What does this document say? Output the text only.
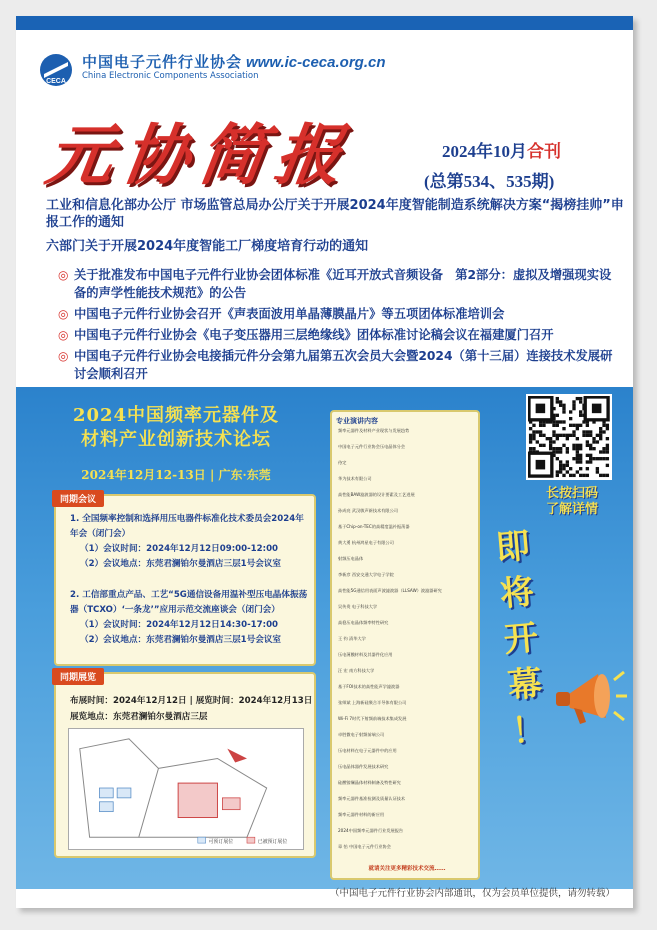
CECA
中国电子元件行业协会
China Electronic Components Association
www.ic-ceca.org.cn
元协简报	2024年10月合刊
(总第534、535期)
工业和信息化部办公厅 市场监管总局办公厅关于开展2024年度智能制造系统解决方案“揭榜挂帅”申报工作的通知
六部门关于开展2024年度智能工厂梯度培育行动的通知
◎ 关于批准发布中国电子元件行业协会团体标准《近耳开放式音频设备　第2部分：虚拟及增强现实设备的声学性能技术规范》的公告
◎ 中国电子元件行业协会召开《声表面波用单晶薄膜晶片》等五项团体标准培训会
◎ 中国电子元件行业协会《电子变压器用三层绝缘线》团体标准讨论稿会议在福建厦门召开
◎ 中国电子元件行业协会电接插元件分会第九届第五次会员大会暨2024（第十三届）连接技术发展研讨会顺利召开
2024中国频率元器件及
材料产业创新技术论坛
2024年12月12-13日 | 广东·东莞
同期会议
1. 全国频率控制和选择用压电器件标准化技术委员会2024年年会（闭门会）
（1）会议时间：2024年12月12日09:00-12:00
（2）会议地点：东莞君澜铂尔曼酒店三层1号会议室
2. 工信部重点产品、工艺“5G通信设备用温补型压电晶体振荡器（TCXO）‘一条龙’”应用示范交流座谈会（闭门会）
（1）会议时间：2024年12月12日14:30-17:00
（2）会议地点：东莞君澜铂尔曼酒店三层1号会议室
同期展览
布展时间：2024年12月12日 | 展览时间：2024年12月13日
展览地点：东莞君澜铂尔曼酒店三层
可预订展位	已被预订展位
专业演讲内容
频率元器件及材料产业现状与发展趋势
中国电子元件行业协会压电晶体分会
待定
华为技术有限公司
高性能BAW滤波器的设计要素及工艺进展
孙成亮 武汉敏声新技术有限公司
基于Chip-on-TEC的高精度温补振荡器
黄大勇 杭州鸿星电子有限公司
射频压电晶体
李新彦 西安交通大学电子学院
高性能5G通信用表面声波滤波器（LLSAW）波滤器研究
吴传贵 电子科技大学
高稳压电晶体频率特性研究
王 钧 清华大学
压电薄膜材料及其器件化应用
汪 宏 南方科技大学
基于FOI技术的高性能声学滤波器
张师斌 上海新硅聚合半导体有限公司
Wi-Fi 7时代下射频前端技术集成发展
卓胜微电子射频前端公司
压电材料在电子元器件中的应用
压电晶体器件发展技术研究
硅酸镓镧晶体材料制备及特性研究
频率元器件基准检测及质量认证技术
频率元器件材料的新应用
2024中国频率元器件行业发展报告
章 怡 中国电子元件行业协会
就请关注更多精彩技术交流……
长按扫码
了解详情
即
将
开
幕
！
（中国电子元件行业协会内部通讯，仅为会员单位提供，请勿转载）
